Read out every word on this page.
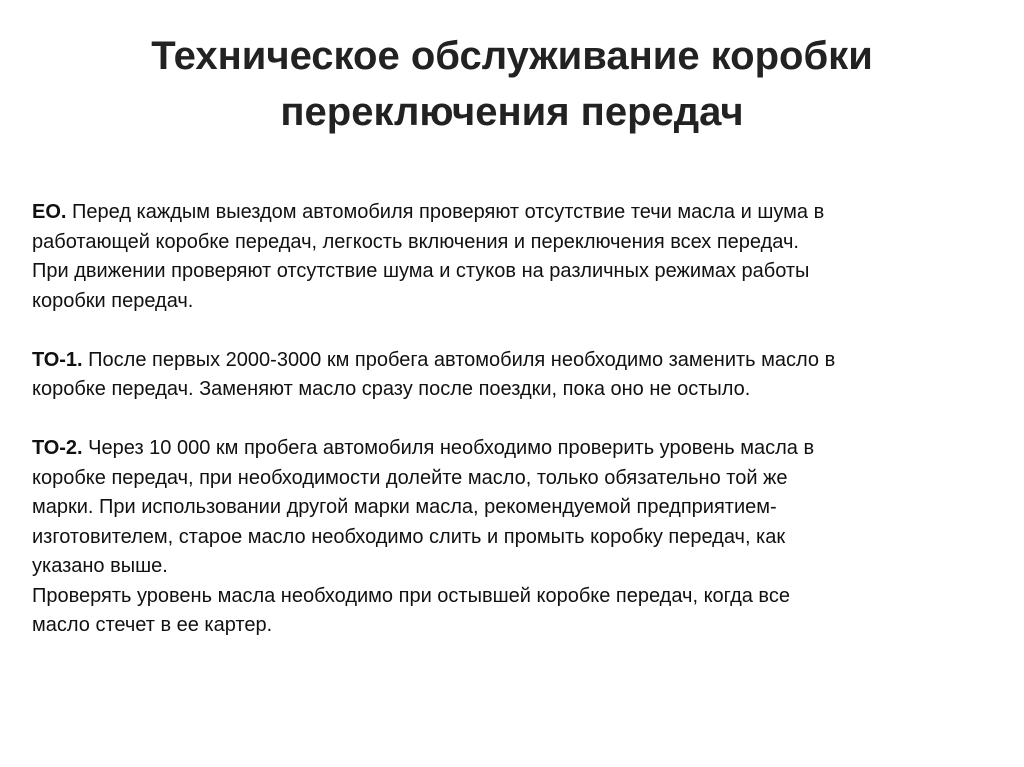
Техническое обслуживание коробки
переключения передач
ЕО. Перед каждым выездом автомобиля проверяют отсутствие течи масла и шума в
работающей коробке передач, легкость включения и переключения всех передач.
При движении проверяют отсутствие шума и стуков на различных режимах работы
коробки передач.
ТО-1. После первых 2000-3000 км пробега автомобиля необходимо заменить масло в
коробке передач. Заменяют масло сразу после поездки, пока оно не остыло.
ТО-2. Через 10 000 км пробега автомобиля необходимо проверить уровень масла в
коробке передач, при необходимости долейте масло, только обязательно той же
марки. При использовании другой марки масла, рекомендуемой предприятием-
изготовителем, старое масло необходимо слить и промыть коробку передач, как
указано выше.
Проверять уровень масла необходимо при остывшей коробке передач, когда все
масло стечет в ее картер.
